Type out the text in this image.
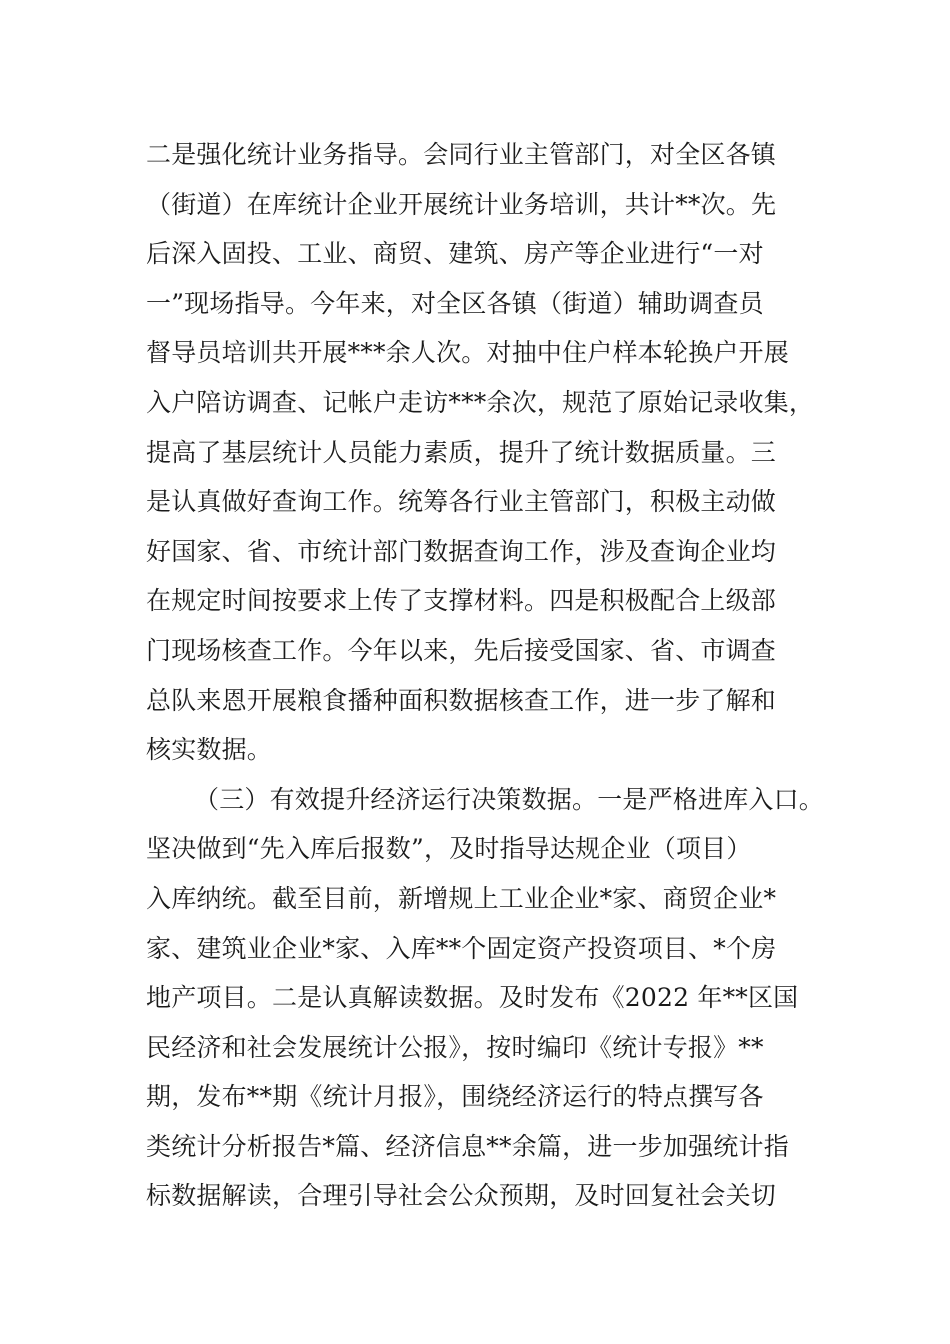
二是强化统计业务指导。会同行业主管部门，对全区各镇
（街道）在库统计企业开展统计业务培训，共计**次。先
后深入固投、工业、商贸、建筑、房产等企业进行“一对
一”现场指导。今年来，对全区各镇（街道）辅助调查员
督导员培训共开展***余人次。对抽中住户样本轮换户开展
入户陪访调查、记帐户走访***余次，规范了原始记录收集，
提高了基层统计人员能力素质，提升了统计数据质量。三
是认真做好查询工作。统筹各行业主管部门，积极主动做
好国家、省、市统计部门数据查询工作，涉及查询企业均
在规定时间按要求上传了支撑材料。四是积极配合上级部
门现场核查工作。今年以来，先后接受国家、省、市调查
总队来恩开展粮食播种面积数据核查工作，进一步了解和
核实数据。
（三）有效提升经济运行决策数据。一是严格进库入口。
坚决做到“先入库后报数”，及时指导达规企业（项目）
入库纳统。截至目前，新增规上工业企业*家、商贸企业*
家、建筑业企业*家、入库**个固定资产投资项目、*个房
地产项目。二是认真解读数据。及时发布《2022 年**区国
民经济和社会发展统计公报》，按时编印《统计专报》**
期，发布**期《统计月报》，围绕经济运行的特点撰写各
类统计分析报告*篇、经济信息**余篇，进一步加强统计指
标数据解读，合理引导社会公众预期，及时回复社会关切
